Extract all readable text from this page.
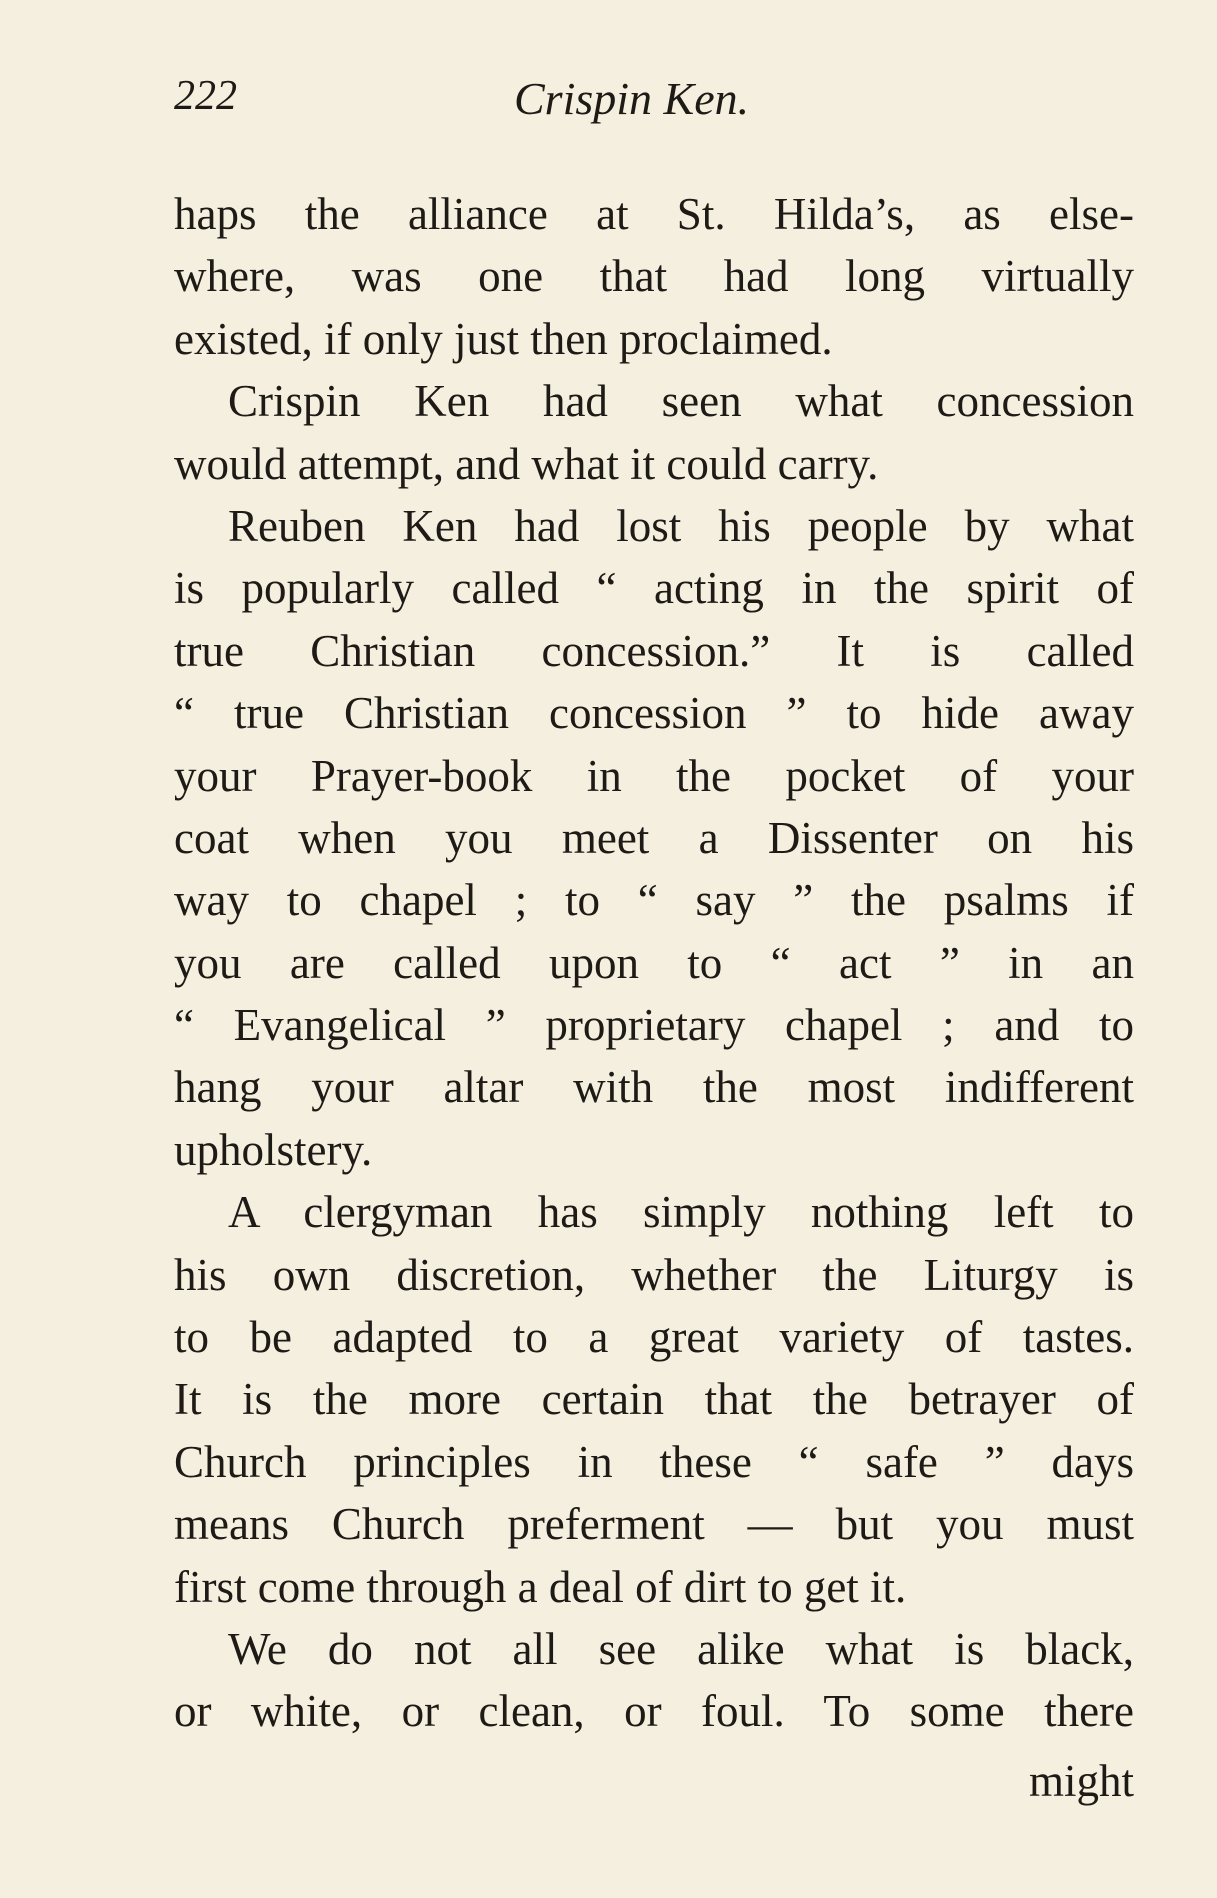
222	Crispin Ken.
haps the alliance at St. Hilda’s, as else-
where, was one that had long virtually
existed, if only just then proclaimed.
Crispin Ken had seen what concession
would attempt, and what it could carry.
Reuben Ken had lost his people by what
is popularly called “ acting in the spirit of
true Christian concession.” It is called
“ true Christian concession ” to hide away
your Prayer-book in the pocket of your
coat when you meet a Dissenter on his
way to chapel ; to “ say ” the psalms if
you are called upon to “ act ” in an
“ Evangelical ” proprietary chapel ; and to
hang your altar with the most indifferent
upholstery.
A clergyman has simply nothing left to
his own discretion, whether the Liturgy is
to be adapted to a great variety of tastes.
It is the more certain that the betrayer of
Church principles in these “ safe ” days
means Church preferment — but you must
first come through a deal of dirt to get it.
We do not all see alike what is black,
or white, or clean, or foul. To some there
might
